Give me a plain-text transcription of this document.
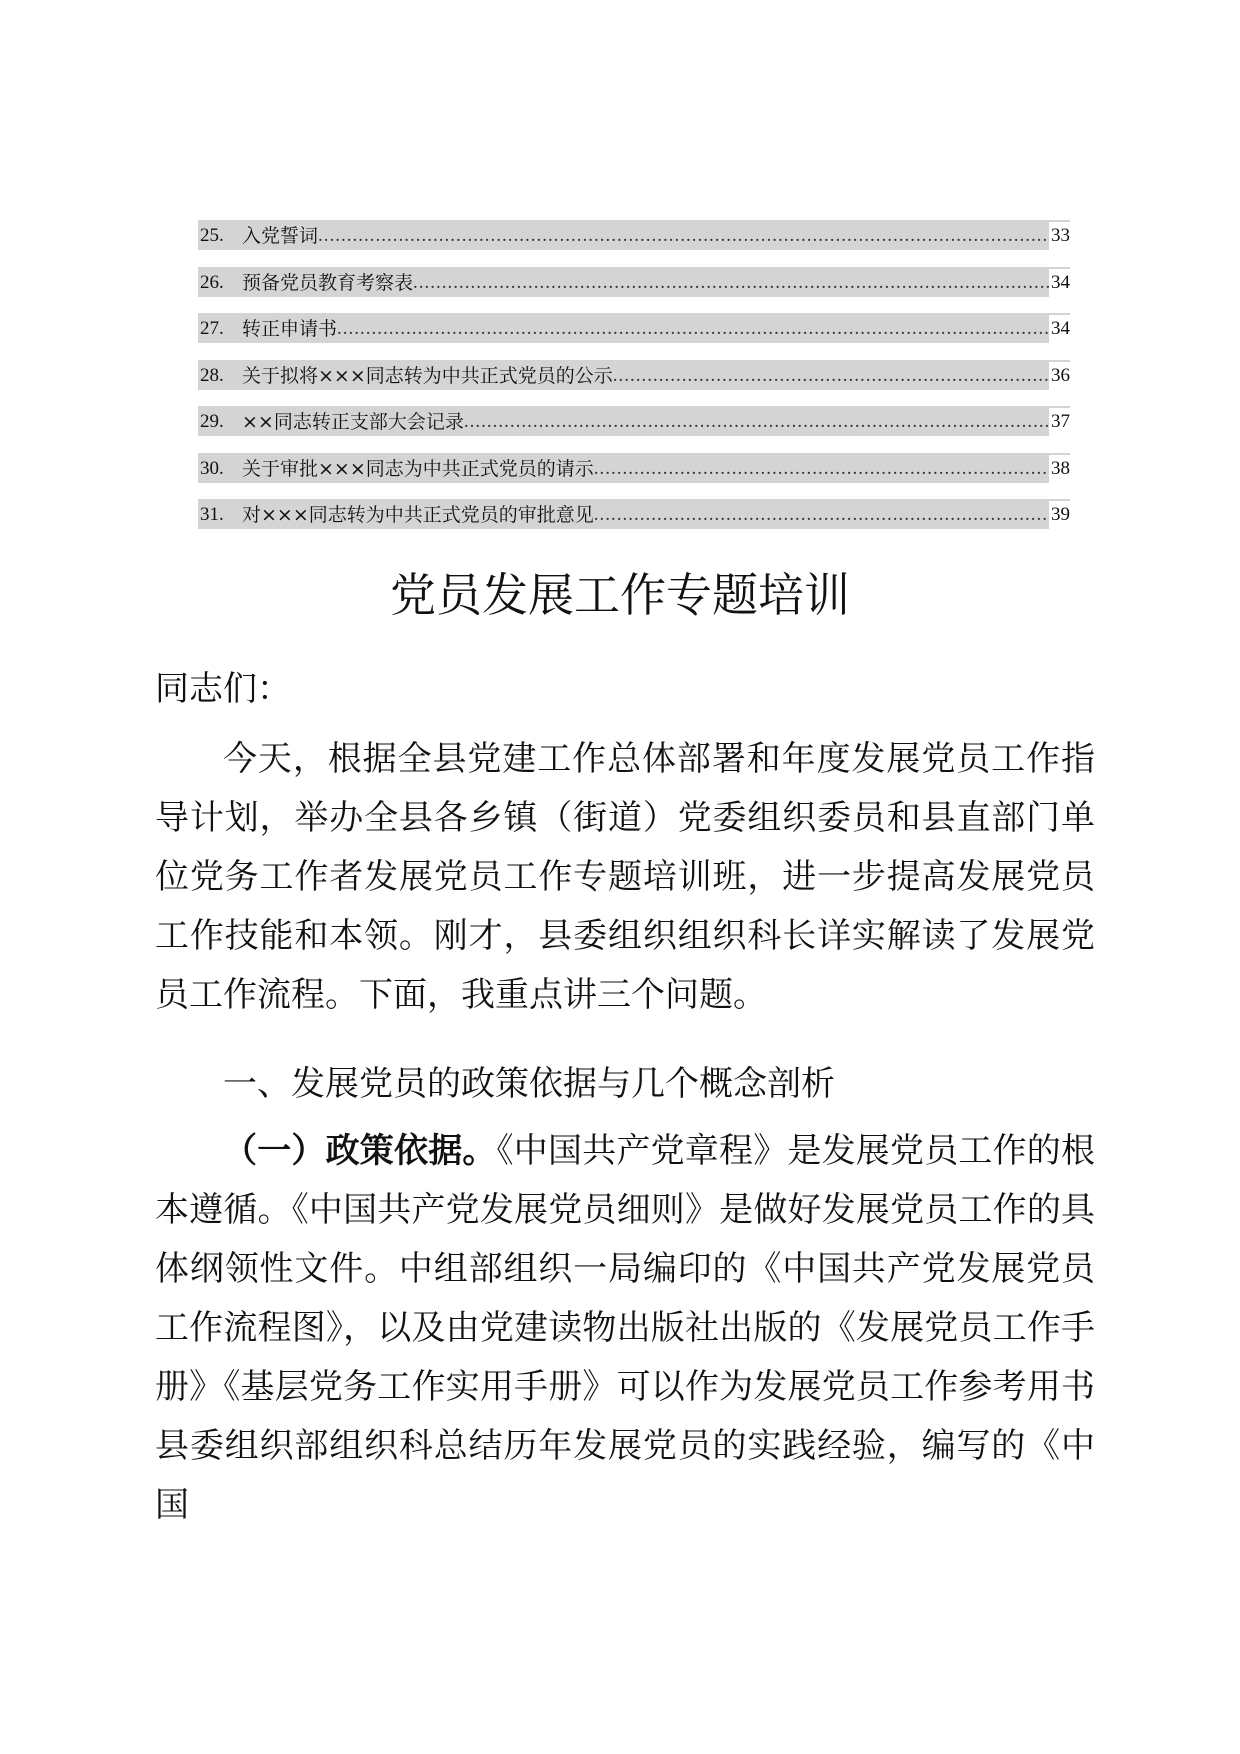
25. 入党誓词 .....	33
26. 预备党员教育考察表 .....	34
27. 转正申请书 .....	34
28. 关于拟将×××同志转为中共正式党员的公示 .....	36
29. ××同志转正支部大会记录 .....	37
30. 关于审批×××同志为中共正式党员的请示 .....	38
31. 对×××同志转为中共正式党员的审批意见 .....	39
党员发展工作专题培训

同志们：

今天，根据全县党建工作总体部署和年度发展党员工作指导计划，举办全县各乡镇（街道）党委组织委员和县直部门单位党务工作者发展党员工作专题培训班，进一步提高发展党员工作技能和本领。刚才，县委组织组织科长详实解读了发展党员工作流程。下面，我重点讲三个问题。

一、发展党员的政策依据与几个概念剖析

（一）政策依据。《中国共产党章程》是发展党员工作的根本遵循。《中国共产党发展党员细则》是做好发展党员工作的具体纲领性文件。中组部组织一局编印的《中国共产党发展党员工作流程图》，以及由党建读物出版社出版的《发展党员工作手册》《基层党务工作实用手册》可以作为发展党员工作参考用书县委组织部组织科总结历年发展党员的实践经验，编写的《中国
